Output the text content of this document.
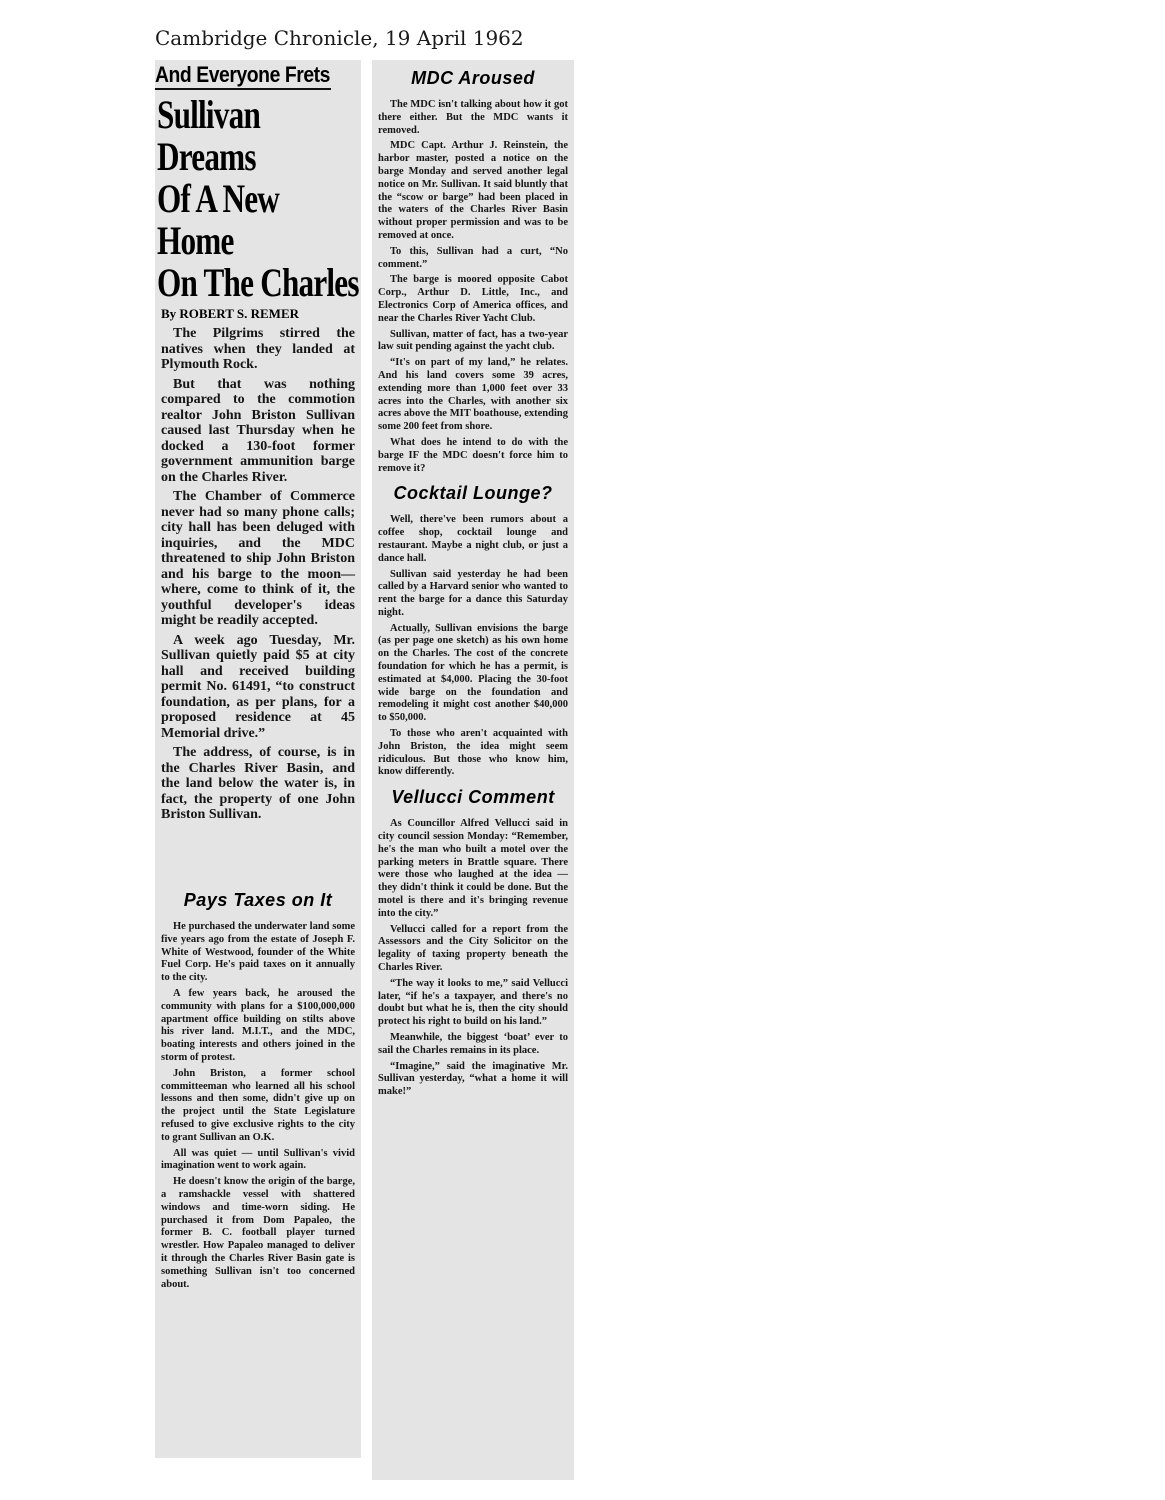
Cambridge Chronicle, 19 April 1962
And Everyone Frets
Sullivan Dreams
Of A New Home
On The Charles
By ROBERT S. REMER

The Pilgrims stirred the natives when they landed at Plymouth Rock.

But that was nothing compared to the commotion realtor John Briston Sullivan caused last Thursday when he docked a 130-foot former government ammunition barge on the Charles River.

The Chamber of Commerce never had so many phone calls; city hall has been deluged with inquiries, and the MDC threatened to ship John Briston and his barge to the moon—where, come to think of it, the youthful developer's ideas might be readily accepted.

A week ago Tuesday, Mr. Sullivan quietly paid $5 at city hall and received building permit No. 61491, “to construct foundation, as per plans, for a proposed residence at 45 Memorial drive.”

The address, of course, is in the Charles River Basin, and the land below the water is, in fact, the property of one John Briston Sullivan.

Pays Taxes on It

He purchased the underwater land some five years ago from the estate of Joseph F. White of Westwood, founder of the White Fuel Corp. He's paid taxes on it annually to the city.

A few years back, he aroused the community with plans for a $100,000,000 apartment office building on stilts above his river land. M.I.T., and the MDC, boating interests and others joined in the storm of protest.

John Briston, a former school committeeman who learned all his school lessons and then some, didn't give up on the project until the State Legislature refused to give exclusive rights to the city to grant Sullivan an O.K.

All was quiet — until Sullivan's vivid imagination went to work again.

He doesn't know the origin of the barge, a ramshackle vessel with shattered windows and time-worn siding. He purchased it from Dom Papaleo, the former B. C. football player turned wrestler. How Papaleo managed to deliver it through the Charles River Basin gate is something Sullivan isn't too concerned about.

MDC Aroused

The MDC isn't talking about how it got there either. But the MDC wants it removed.

MDC Capt. Arthur J. Reinstein, the harbor master, posted a notice on the barge Monday and served another legal notice on Mr. Sullivan. It said bluntly that the “scow or barge” had been placed in the waters of the Charles River Basin without proper permission and was to be removed at once.

To this, Sullivan had a curt, “No comment.”

The barge is moored opposite Cabot Corp., Arthur D. Little, Inc., and Electronics Corp of America offices, and near the Charles River Yacht Club.

Sullivan, matter of fact, has a two-year law suit pending against the yacht club.

“It's on part of my land,” he relates. And his land covers some 39 acres, extending more than 1,000 feet over 33 acres into the Charles, with another six acres above the MIT boathouse, extending some 200 feet from shore.

What does he intend to do with the barge IF the MDC doesn't force him to remove it?

Cocktail Lounge?

Well, there've been rumors about a coffee shop, cocktail lounge and restaurant. Maybe a night club, or just a dance hall.

Sullivan said yesterday he had been called by a Harvard senior who wanted to rent the barge for a dance this Saturday night.

Actually, Sullivan envisions the barge (as per page one sketch) as his own home on the Charles. The cost of the concrete foundation for which he has a permit, is estimated at $4,000. Placing the 30-foot wide barge on the foundation and remodeling it might cost another $40,000 to $50,000.

To those who aren't acquainted with John Briston, the idea might seem ridiculous. But those who know him, know differently.

Vellucci Comment

As Councillor Alfred Vellucci said in city council session Monday: “Remember, he's the man who built a motel over the parking meters in Brattle square. There were those who laughed at the idea — they didn't think it could be done. But the motel is there and it's bringing revenue into the city.”

Vellucci called for a report from the Assessors and the City Solicitor on the legality of taxing property beneath the Charles River.

“The way it looks to me,” said Vellucci later, “if he's a taxpayer, and there's no doubt but what he is, then the city should protect his right to build on his land.”

Meanwhile, the biggest ‘boat’ ever to sail the Charles remains in its place.

“Imagine,” said the imaginative Mr. Sullivan yesterday, “what a home it will make!”
